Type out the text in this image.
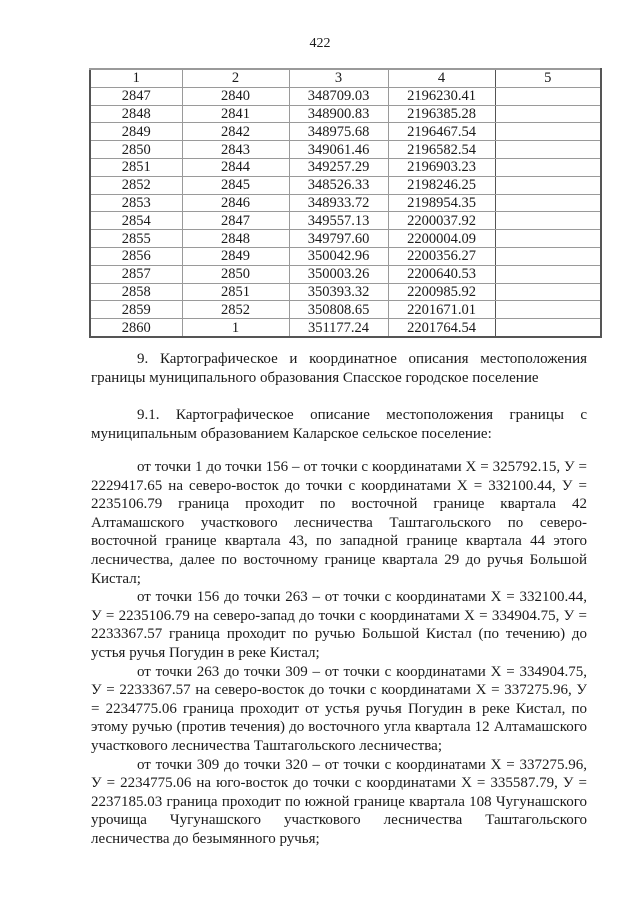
422
1	2	3	4	5
2847	2840	348709.03	2196230.41	
2848	2841	348900.83	2196385.28	
2849	2842	348975.68	2196467.54	
2850	2843	349061.46	2196582.54	
2851	2844	349257.29	2196903.23	
2852	2845	348526.33	2198246.25	
2853	2846	348933.72	2198954.35	
2854	2847	349557.13	2200037.92	
2855	2848	349797.60	2200004.09	
2856	2849	350042.96	2200356.27	
2857	2850	350003.26	2200640.53	
2858	2851	350393.32	2200985.92	
2859	2852	350808.65	2201671.01	
2860	1	351177.24	2201764.54	

9. Картографическое и координатное описания местоположения границы муниципального образования Спасское городское поселение

9.1. Картографическое описание местоположения границы с муниципальным образованием Каларское сельское поселение:

от точки 1 до точки 156 – от точки с координатами Х = 325792.15, У = 2229417.65 на северо-восток до точки с координатами Х = 332100.44, У = 2235106.79 граница проходит по восточной границе квартала 42 Алтамашского участкового лесничества Таштагольского по северо-восточной границе квартала 43, по западной границе квартала 44 этого лесничества, далее по восточному границе квартала 29 до ручья Большой Кистал;

от точки 156 до точки 263 – от точки с координатами Х = 332100.44, У = 2235106.79 на северо-запад до точки с координатами Х = 334904.75, У = 2233367.57 граница проходит по ручью Большой Кистал (по течению) до устья ручья Погудин в реке Кистал;

от точки 263 до точки 309 – от точки с координатами Х = 334904.75, У = 2233367.57 на северо-восток до точки с координатами Х = 337275.96, У = 2234775.06 граница проходит от устья ручья Погудин в реке Кистал, по этому ручью (против течения) до восточного угла квартала 12 Алтамашского участкового лесничества Таштагольского лесничества;

от точки 309 до точки 320 – от точки с координатами Х = 337275.96, У = 2234775.06 на юго-восток до точки с координатами Х = 335587.79, У = 2237185.03 граница проходит по южной границе квартала 108 Чугунашского урочища Чугунашского участкового лесничества Таштагольского лесничества до безымянного ручья;
